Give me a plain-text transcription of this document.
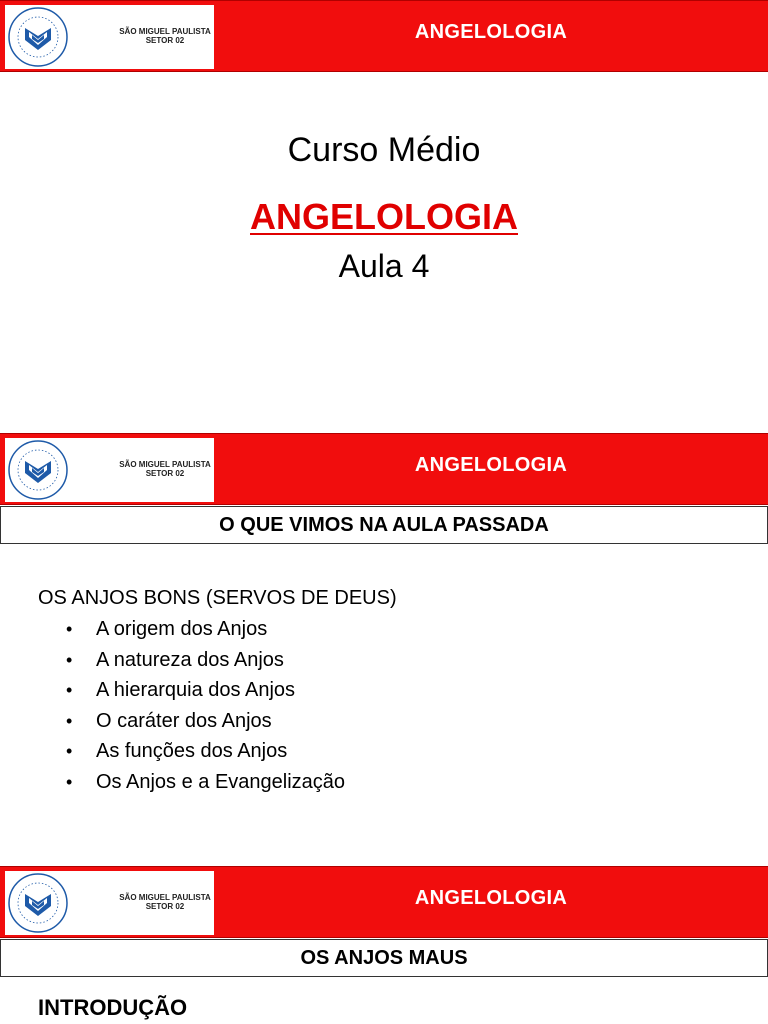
SÃO MIGUEL PAULISTA
SETOR 02	ANGELOLOGIA
Curso Médio
ANGELOLOGIA
Aula 4
SÃO MIGUEL PAULISTA
SETOR 02	ANGELOLOGIA
O QUE VIMOS NA AULA PASSADA
OS ANJOS BONS (SERVOS DE DEUS)
• A origem dos Anjos
• A natureza dos Anjos
• A hierarquia dos Anjos
• O caráter dos Anjos
• As funções dos Anjos
• Os Anjos e a Evangelização
SÃO MIGUEL PAULISTA
SETOR 02	ANGELOLOGIA
OS ANJOS MAUS
INTRODUÇÃO
